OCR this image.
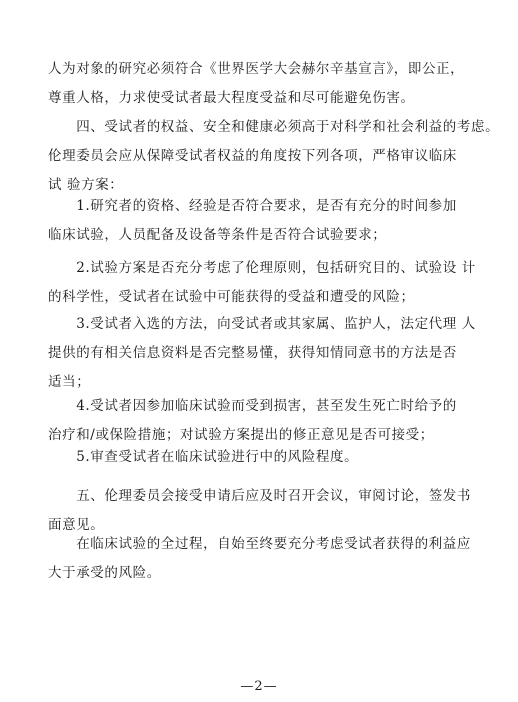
人为对象的研究必须符合《世界医学大会赫尔辛基宣言》，即公正，
尊重人格，力求使受试者最大程度受益和尽可能避免伤害。

　　四、受试者的权益、安全和健康必须高于对科学和社会利益的考虑。
伦理委员会应从保障受试者权益的角度按下列各项，严格审议临床
试 验方案：

　　1.研究者的资格、经验是否符合要求，是否有充分的时间参加
临床试验，人员配备及设备等条件是否符合试验要求；

　　2.试验方案是否充分考虑了伦理原则，包括研究目的、试验设 计
的科学性，受试者在试验中可能获得的受益和遭受的风险；

　　3.受试者入选的方法，向受试者或其家属、监护人，法定代理 人
提供的有相关信息资料是否完整易懂，获得知情同意书的方法是否
适当；

　　4.受试者因参加临床试验而受到损害，甚至发生死亡时给予的
治疗和/或保险措施；对试验方案提出的修正意见是否可接受；

　　5.审查受试者在临床试验进行中的风险程度。

　　五、伦理委员会接受申请后应及时召开会议，审阅讨论，签发书
面意见。

　　在临床试验的全过程，自始至终要充分考虑受试者获得的利益应
大于承受的风险。

—2—
